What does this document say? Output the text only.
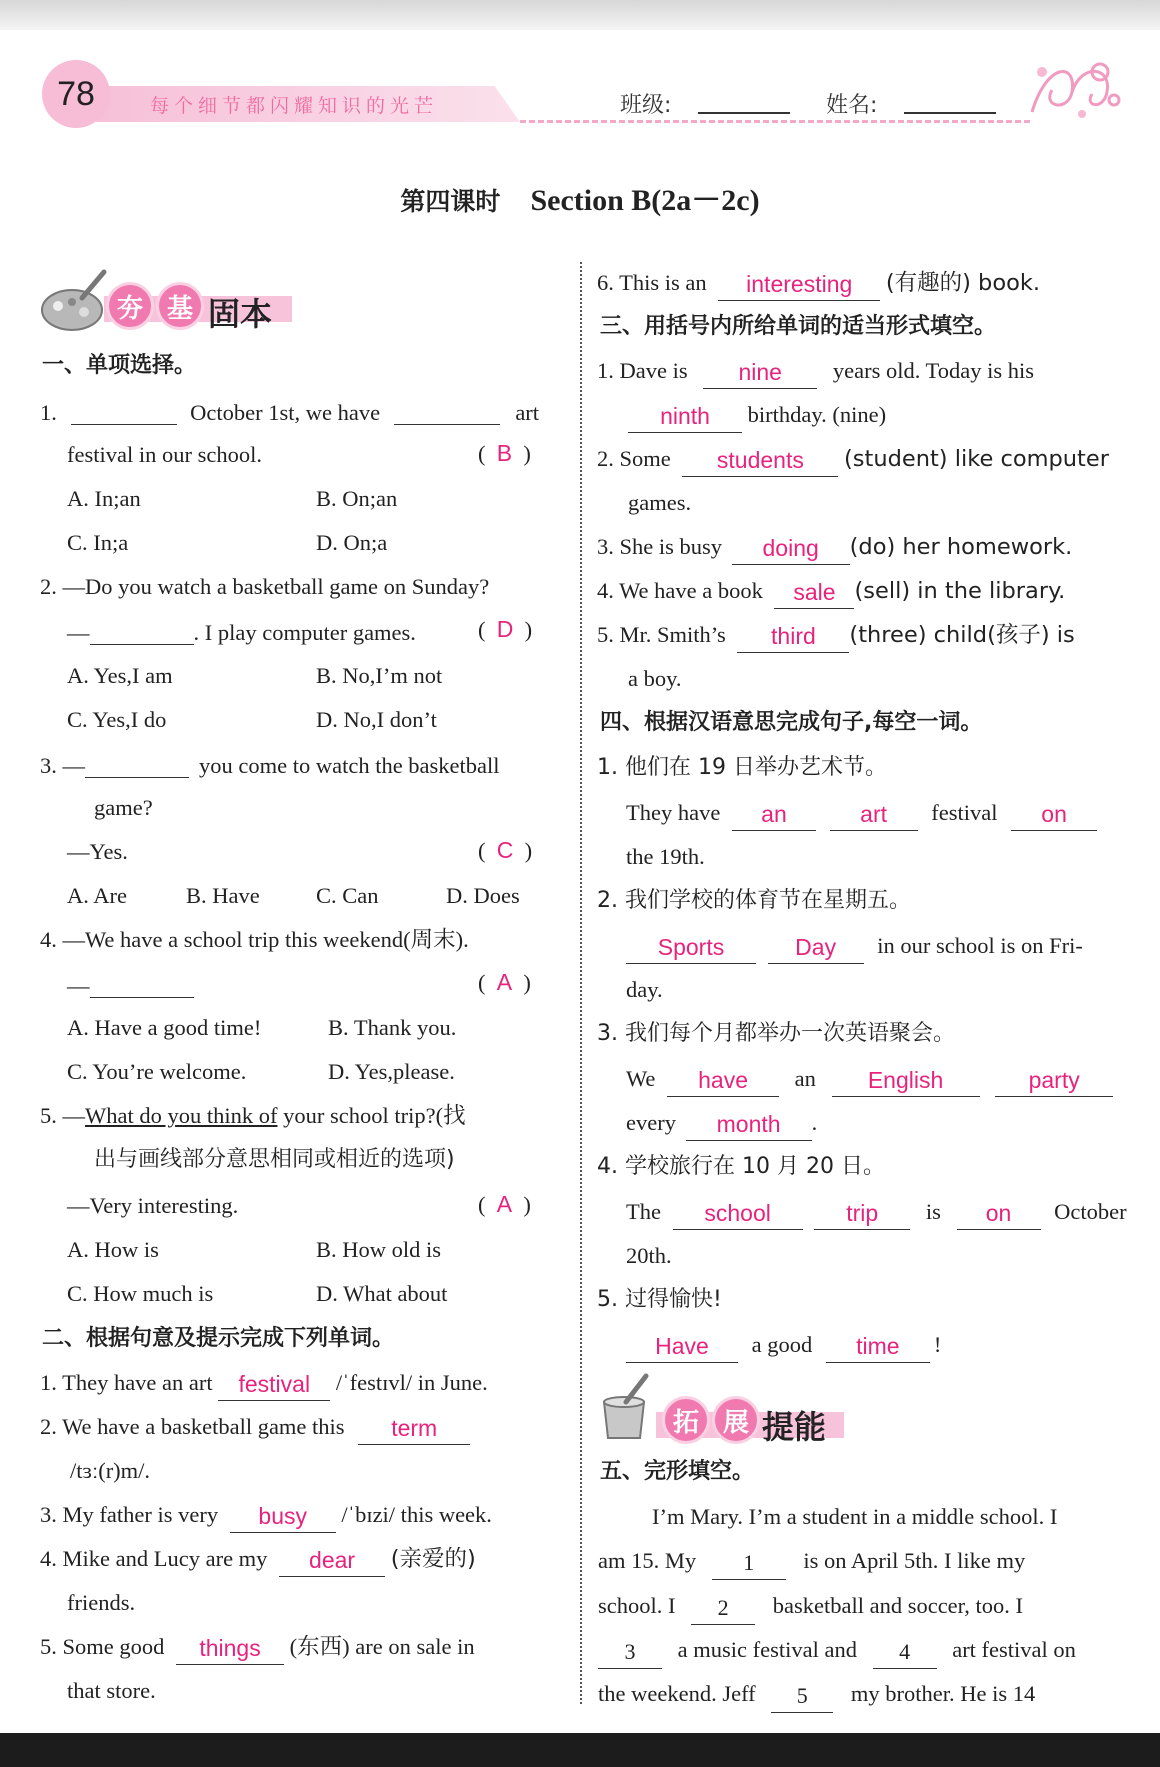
78	每个细节都闪耀知识的光芒	班级:	姓名:
第四课时 Section B(2a－2c)
夯 基 固本
一、单项选择。
1.	October 1st, we have	art
festival in our school.	(  B  )
A. In;an	B. On;an
C. In;a	D. On;a
2. —Do you watch a basketball game on Sunday?
—	. I play computer games.	(  D  )
A. Yes,I am	B. No,I’m not
C. Yes,I do	D. No,I don’t
3. —	you come to watch the basketball
game?
—Yes.	(  C  )
A. Are	B. Have	C. Can	D. Does
4. —We have a school trip this weekend(周末).
—	(  A  )
A. Have a good time!	B. Thank you.
C. You’re welcome.	D. Yes,please.
5. —What do you think of your school trip?(找
出与画线部分意思相同或相近的选项)
—Very interesting.	(  A  )
A. How is	B. How old is
C. How much is	D. What about
二、根据句意及提示完成下列单词。
1. They have an art festival /ˈfestɪvl/ in June.
2. We have a basketball game this term
/tɜː(r)m/.
3. My father is very busy /ˈbɪzi/ this week.
4. Mike and Lucy are my dear (亲爱的)
friends.
5. Some good things (东西) are on sale in
that store.
6. This is an interesting (有趣的) book.
三、用括号内所给单词的适当形式填空。
1. Dave is nine years old. Today is his
ninth birthday. (nine)
2. Some students (student) like computer
games.
3. She is busy doing (do) her homework.
4. We have a book sale (sell) in the library.
5. Mr. Smith’s third (three) child(孩子) is
a boy.
四、根据汉语意思完成句子,每空一词。
1. 他们在 19 日举办艺术节。
They have an	art festival on
the 19th.
2. 我们学校的体育节在星期五。
Sports	Day in our school is on Fri-
day.
3. 我们每个月都举办一次英语聚会。
We have an English	party
every month .
4. 学校旅行在 10 月 20 日。
The school	trip is on October
20th.
5. 过得愉快!
Have a good time !
拓 展 提能
五、完形填空。
I’m Mary. I’m a student in a middle school. I
am 15. My 1 is on April 5th. I like my
school. I 2 basketball and soccer, too. I
3 a music festival and 4 art festival on
the weekend. Jeff 5 my brother. He is 14
